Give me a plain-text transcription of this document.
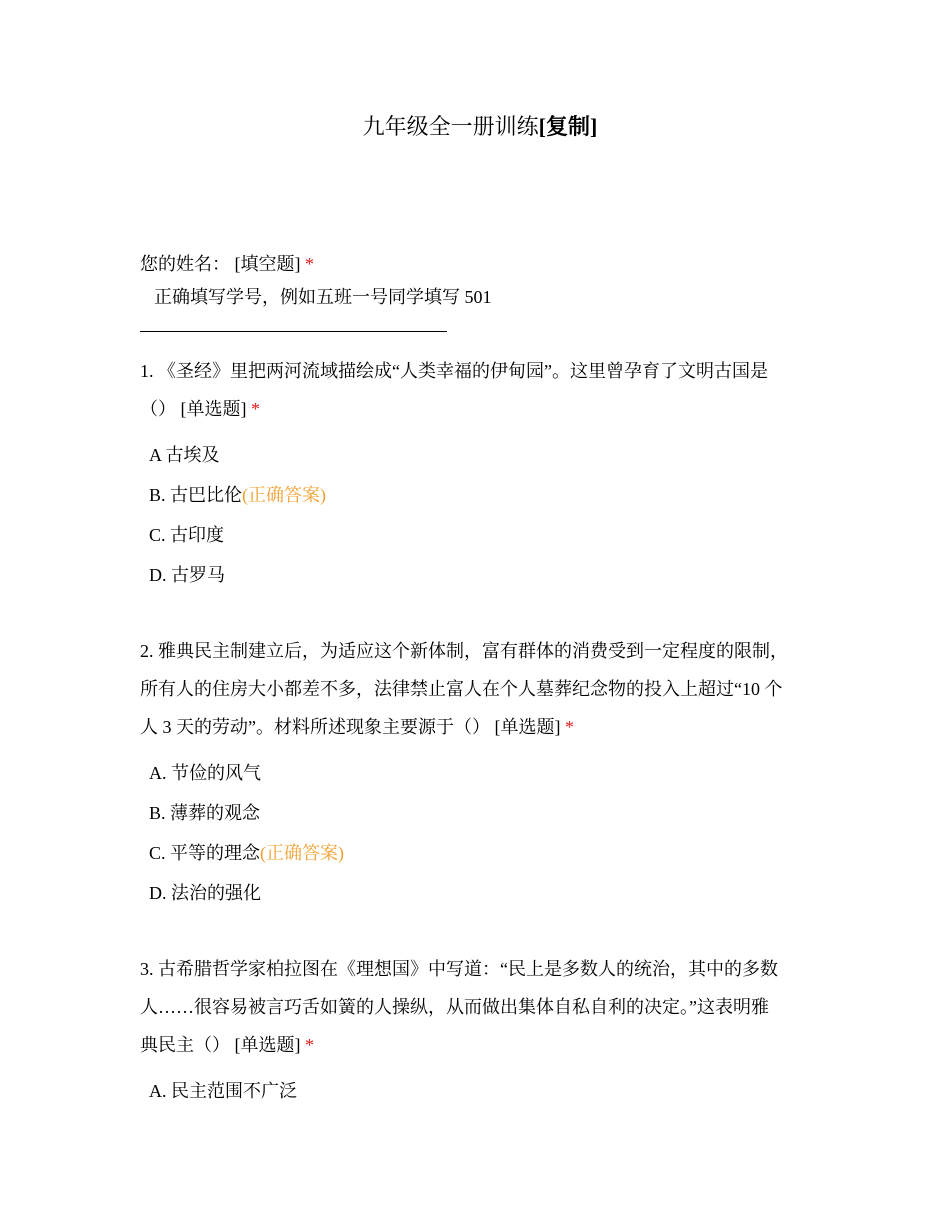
九年级全一册训练[复制]
您的姓名： [填空题] *
正确填写学号，例如五班一号同学填写 501
1. 《圣经》里把两河流域描绘成“人类幸福的伊甸园”。这里曾孕育了文明古国是
（） [单选题] *
A 古埃及
B. 古巴比伦(正确答案)
C. 古印度
D. 古罗马
2. 雅典民主制建立后，为适应这个新体制，富有群体的消费受到一定程度的限制，
所有人的住房大小都差不多，法律禁止富人在个人墓葬纪念物的投入上超过“10 个
人 3 天的劳动”。材料所述现象主要源于（） [单选题] *
A. 节俭的风气
B. 薄葬的观念
C. 平等的理念(正确答案)
D. 法治的强化
3. 古希腊哲学家柏拉图在《理想国》中写道：“民上是多数人的统治，其中的多数
人……很容易被言巧舌如簧的人操纵，从而做出集体自私自利的决定。”这表明雅
典民主（） [单选题] *
A. 民主范围不广泛
